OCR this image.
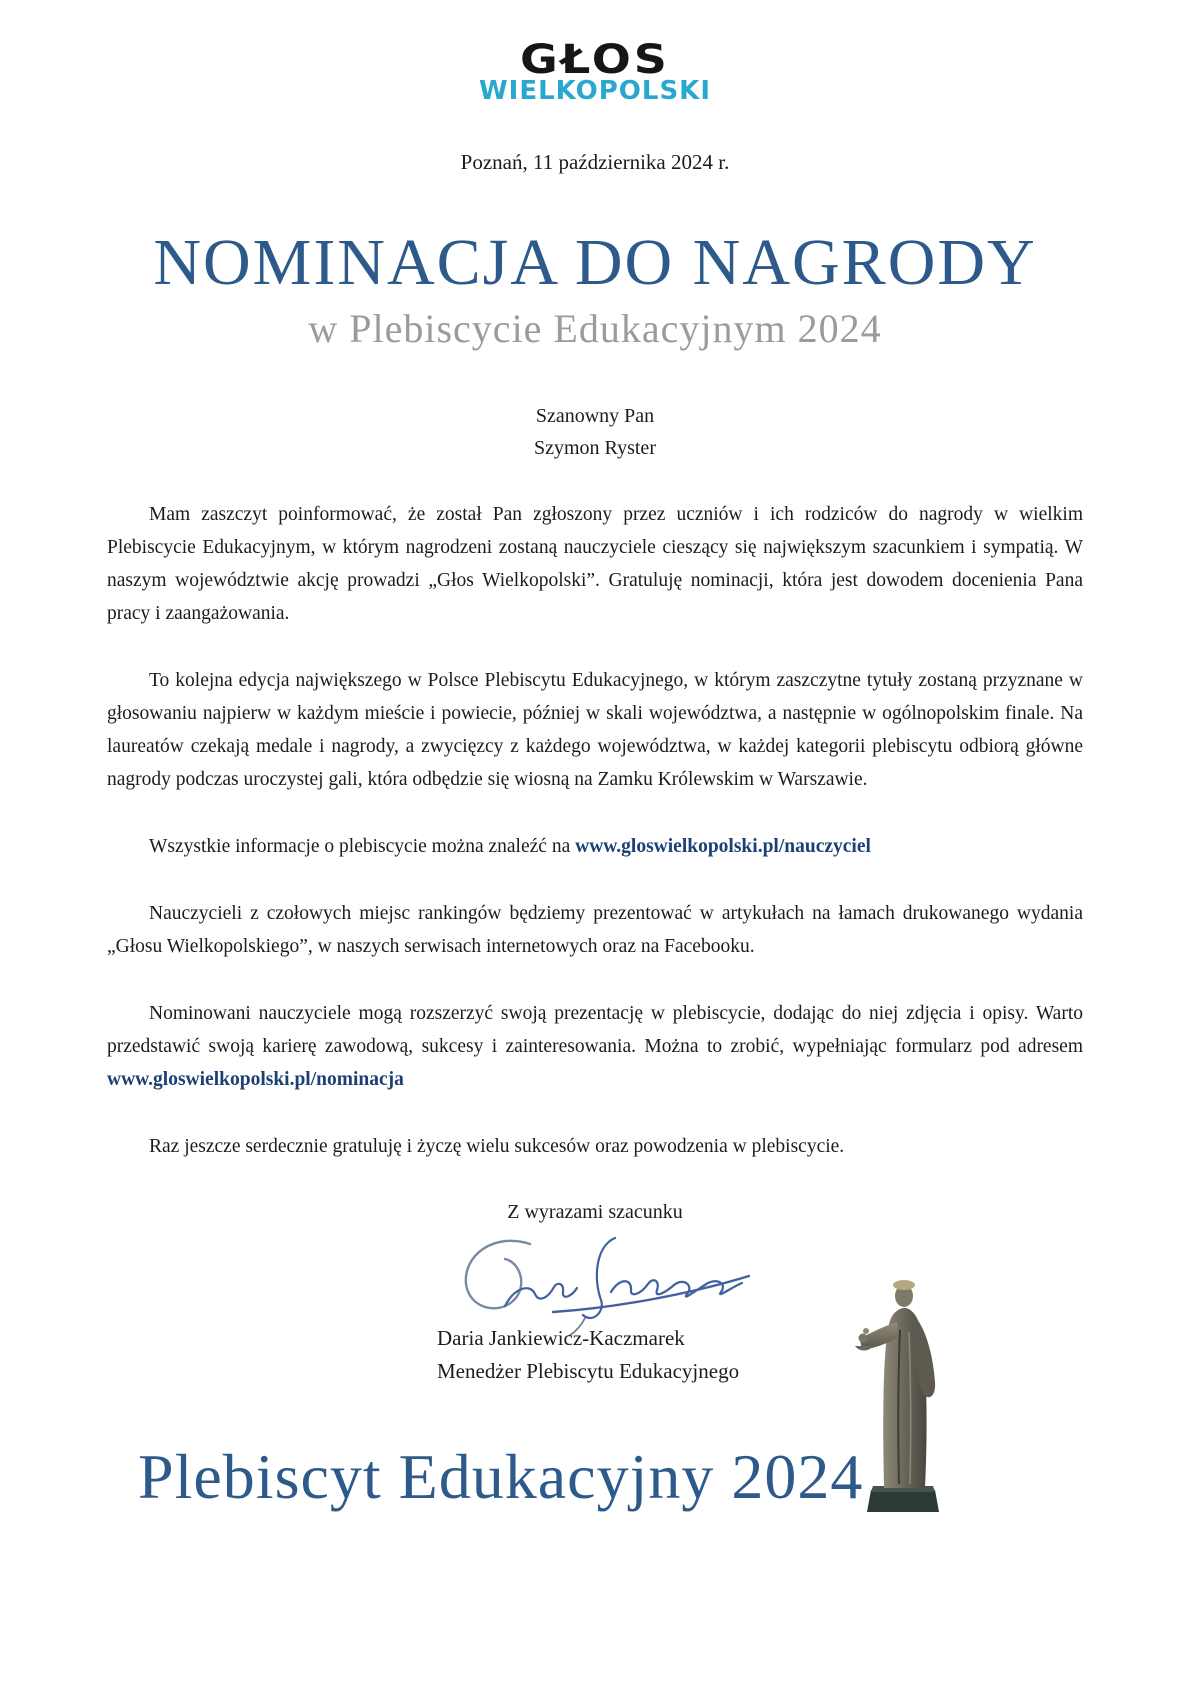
GŁOS
WIELKOPOLSKI
Poznań, 11 października 2024 r.
NOMINACJA DO NAGRODY
w Plebiscycie Edukacyjnym 2024
Szanowny Pan
Szymon Ryster

Mam zaszczyt poinformować, że został Pan zgłoszony przez uczniów i ich rodziców do nagrody w wielkim Plebiscycie Edukacyjnym, w którym nagrodzeni zostaną nauczyciele cieszący się największym szacunkiem i sympatią. W naszym województwie akcję prowadzi „Głos Wielkopolski”. Gratuluję nominacji, która jest dowodem docenienia Pana pracy i zaangażowania.

To kolejna edycja największego w Polsce Plebiscytu Edukacyjnego, w którym zaszczytne tytuły zostaną przyznane w głosowaniu najpierw w każdym mieście i powiecie, później w skali województwa, a następnie w ogólnopolskim finale. Na laureatów czekają medale i nagrody, a zwycięzcy z każdego województwa, w każdej kategorii plebiscytu odbiorą główne nagrody podczas uroczystej gali, która odbędzie się wiosną na Zamku Królewskim w Warszawie.

Wszystkie informacje o plebiscycie można znaleźć na www.gloswielkopolski.pl/nauczyciel

Nauczycieli z czołowych miejsc rankingów będziemy prezentować w artykułach na łamach drukowanego wydania „Głosu Wielkopolskiego”, w naszych serwisach internetowych oraz na Facebooku.

Nominowani nauczyciele mogą rozszerzyć swoją prezentację w plebiscycie, dodając do niej zdjęcia i opisy. Warto przedstawić swoją karierę zawodową, sukcesy i zainteresowania. Można to zrobić, wypełniając formularz pod adresem www.gloswielkopolski.pl/nominacja

Raz jeszcze serdecznie gratuluję i życzę wielu sukcesów oraz powodzenia w plebiscycie.

Z wyrazami szacunku
Daria Jankiewicz-Kaczmarek
Menedżer Plebiscytu Edukacyjnego
Plebiscyt Edukacyjny 2024
